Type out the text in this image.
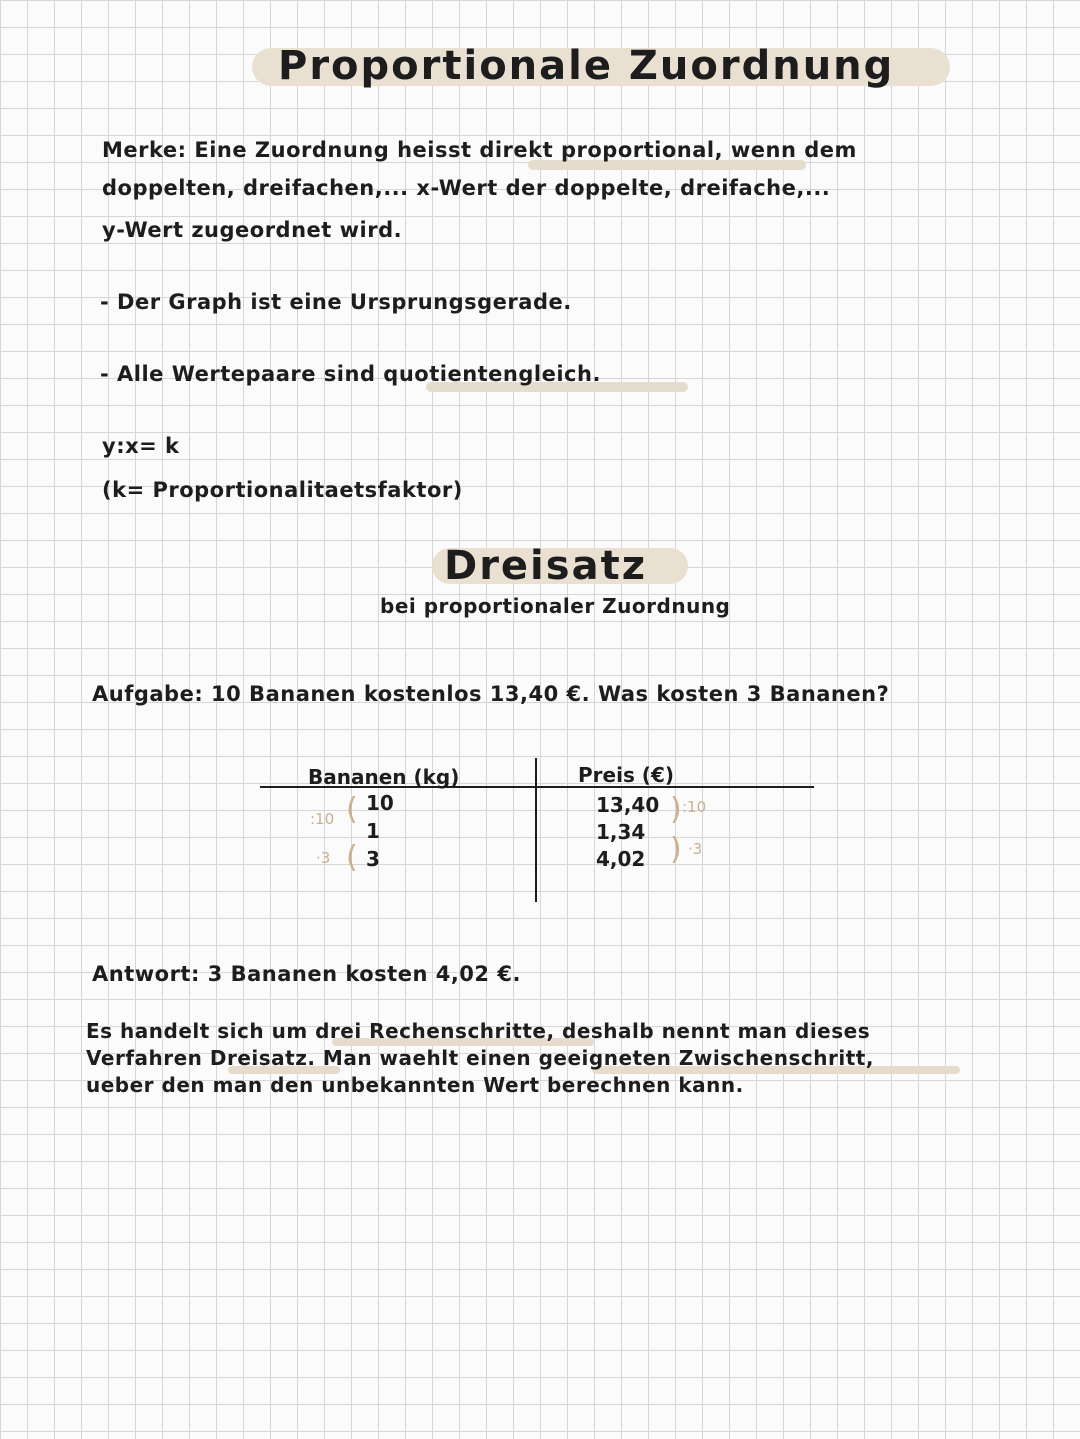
Proportionale Zuordnung
Merke: Eine Zuordnung heisst direkt proportional, wenn dem
doppelten, dreifachen,... x-Wert der doppelte, dreifache,...
y-Wert zugeordnet wird.
- Der Graph ist eine Ursprungsgerade.
- Alle Wertepaare sind quotientengleich.
y:x= k
(k= Proportionalitaetsfaktor)
Dreisatz
bei proportionaler Zuordnung
Aufgabe: 10 Bananen kostenlos 13,40 €. Was kosten 3 Bananen?
Bananen (kg)	Preis (€)
10
1
3
13,40
1,34
4,02
(
(
:10
·3
)
)
:10
·3
Antwort: 3 Bananen kosten 4,02 €.
Es handelt sich um drei Rechenschritte, deshalb nennt man dieses
Verfahren Dreisatz. Man waehlt einen geeigneten Zwischenschritt,
ueber den man den unbekannten Wert berechnen kann.
